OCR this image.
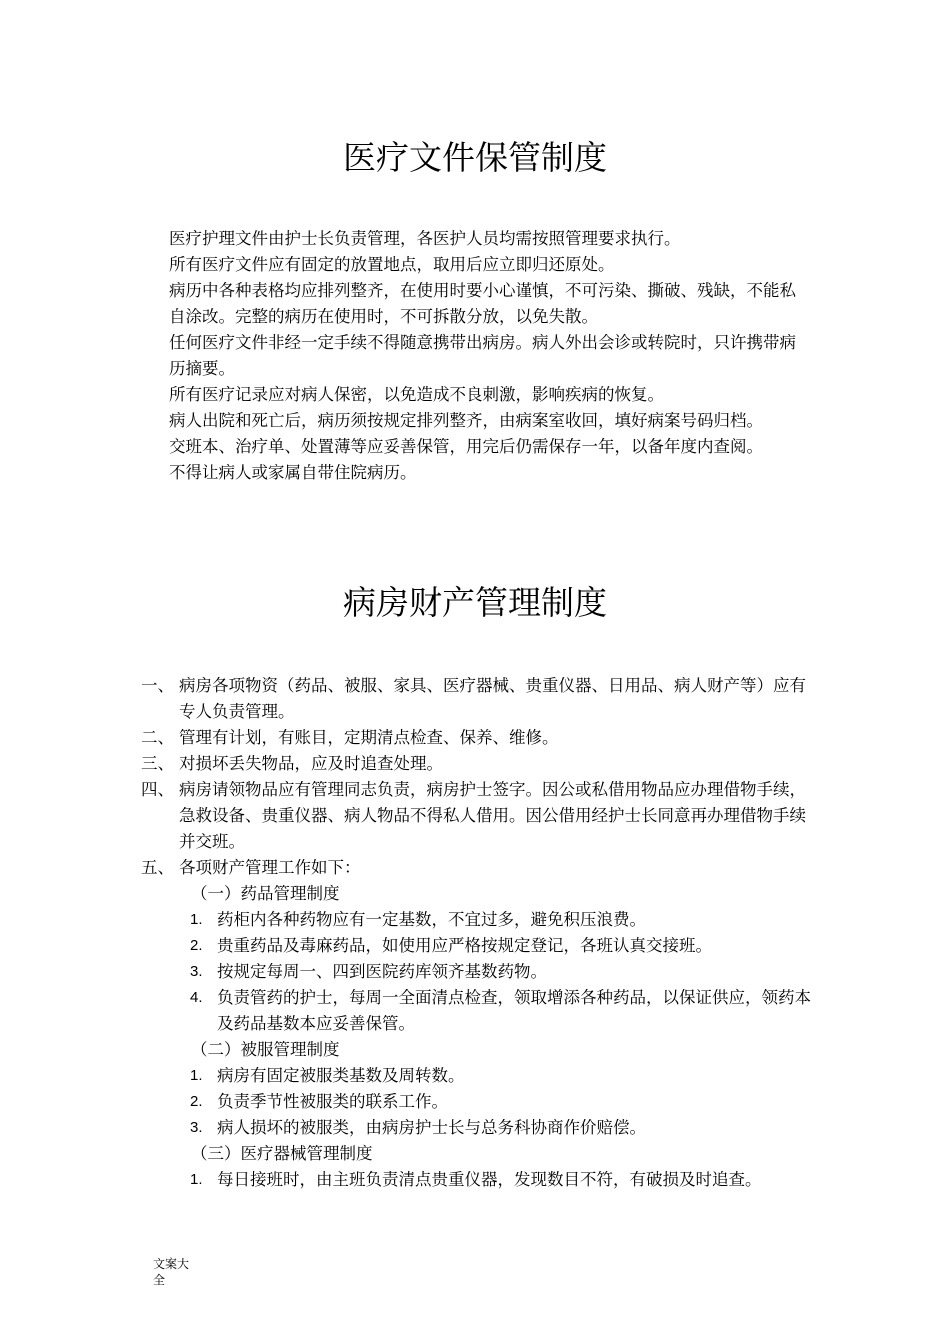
医疗文件保管制度

医疗护理文件由护士长负责管理，各医护人员均需按照管理要求执行。

所有医疗文件应有固定的放置地点，取用后应立即归还原处。

病历中各种表格均应排列整齐，在使用时要小心谨慎，不可污染、撕破、残缺，不能私自涂改。完整的病历在使用时，不可拆散分放，以免失散。

任何医疗文件非经一定手续不得随意携带出病房。病人外出会诊或转院时，只许携带病历摘要。

所有医疗记录应对病人保密，以免造成不良刺激，影响疾病的恢复。

病人出院和死亡后，病历须按规定排列整齐，由病案室收回，填好病案号码归档。

交班本、治疗单、处置薄等应妥善保管，用完后仍需保存一年，以备年度内查阅。

不得让病人或家属自带住院病历。

病房财产管理制度
一、 病房各项物资（药品、被服、家具、医疗器械、贵重仪器、日用品、病人财产等）应有专人负责管理。
二、 管理有计划，有账目，定期清点检查、保养、维修。
三、 对损坏丢失物品，应及时追查处理。
四、 病房请领物品应有管理同志负责，病房护士签字。因公或私借用物品应办理借物手续，急救设备、贵重仪器、病人物品不得私人借用。因公借用经护士长同意再办理借物手续并交班。
五、 各项财产管理工作如下：

（一）药品管理制度

1. 药柜内各种药物应有一定基数，不宜过多，避免积压浪费。
2. 贵重药品及毒麻药品，如使用应严格按规定登记，各班认真交接班。
3. 按规定每周一、四到医院药库领齐基数药物。
4. 负责管药的护士，每周一全面清点检查，领取增添各种药品，以保证供应，领药本及药品基数本应妥善保管。

（二）被服管理制度

1. 病房有固定被服类基数及周转数。
2. 负责季节性被服类的联系工作。
3. 病人损坏的被服类，由病房护士长与总务科协商作价赔偿。

（三）医疗器械管理制度

1. 每日接班时，由主班负责清点贵重仪器，发现数目不符，有破损及时追查。
文案大全
